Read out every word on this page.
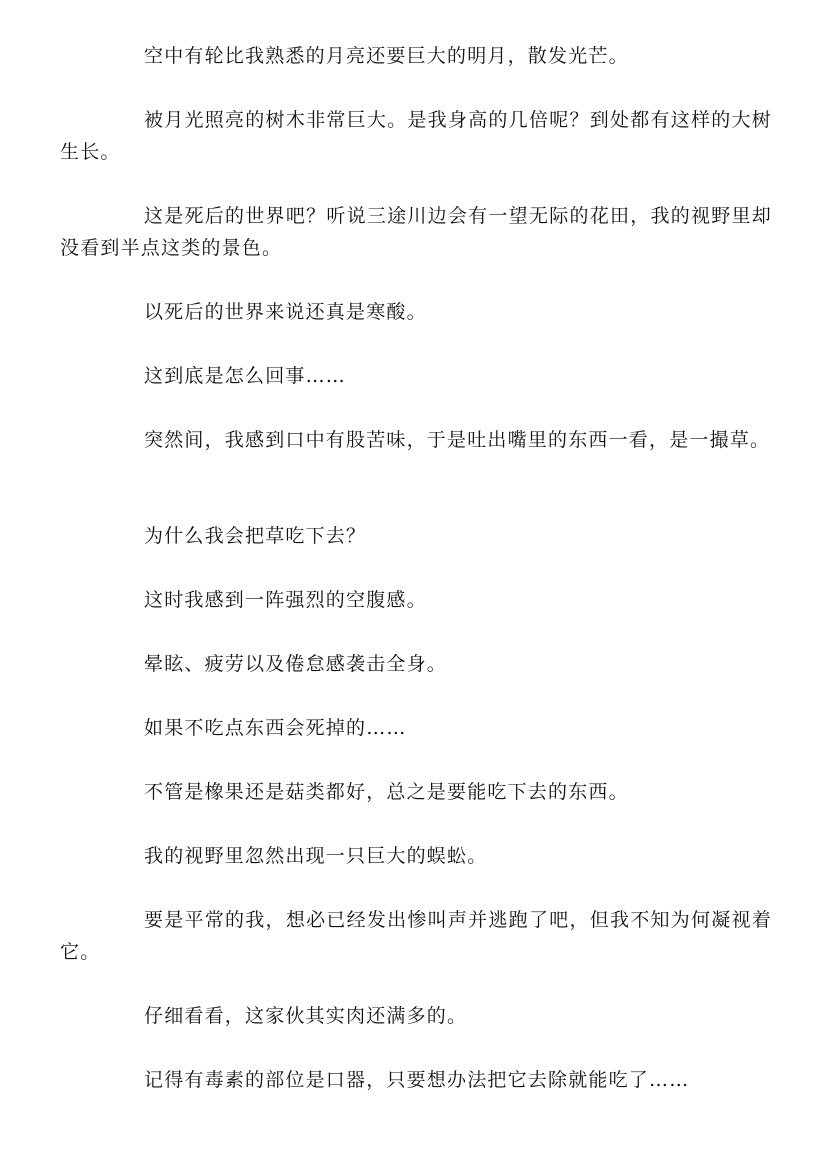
空中有轮比我熟悉的月亮还要巨大的明月，散发光芒。

被月光照亮的树木非常巨大。是我身高的几倍呢？到处都有这样的大树生长。

这是死后的世界吧？听说三途川边会有一望无际的花田，我的视野里却没看到半点这类的景色。

以死后的世界来说还真是寒酸。

这到底是怎么回事……

突然间，我感到口中有股苦味，于是吐出嘴里的东西一看，是一撮草。

为什么我会把草吃下去？

这时我感到一阵强烈的空腹感。

晕眩、疲劳以及倦怠感袭击全身。

如果不吃点东西会死掉的……

不管是橡果还是菇类都好，总之是要能吃下去的东西。

我的视野里忽然出现一只巨大的蜈蚣。

要是平常的我，想必已经发出惨叫声并逃跑了吧，但我不知为何凝视着它。

仔细看看，这家伙其实肉还满多的。

记得有毒素的部位是口器，只要想办法把它去除就能吃了……
